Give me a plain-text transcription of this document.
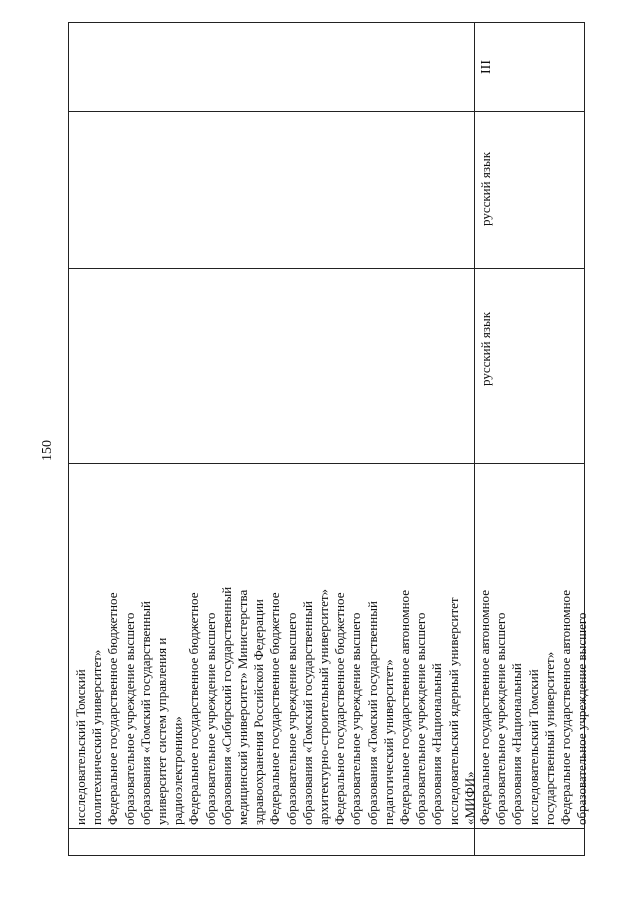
150
исследовательский Томский политехнический университет» Федеральное государственное бюджетное образовательное учреждение высшего образования «Томский государственный университет систем управления и радиоэлектроники» Федеральное государственное бюджетное образовательное учреждение высшего образования «Сибирский государственный медицинский университет» Министерства здравоохранения Российской Федерации Федеральное государственное бюджетное образовательное учреждение высшего образования «Томский государственный архитектурно-строительный университет» Федеральное государственное бюджетное образовательное учреждение высшего образования «Томский государственный педагогический университет» Федеральное государственное автономное образовательное учреждение высшего образования «Национальный исследовательский ядерный университет «МИФИ» Федеральное государственное автономное образовательное учреждение высшего образования «Национальный исследовательский Томский государственный университет» Федеральное государственное автономное образовательное учреждение высшего
русский язык
русский язык
III
